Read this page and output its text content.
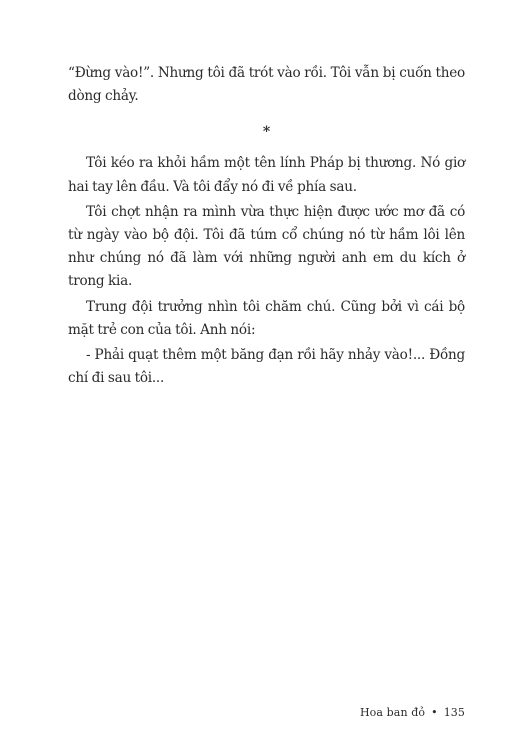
“Đừng vào!”. Nhưng tôi đã trót vào rồi. Tôi vẫn bị cuốn theo dòng chảy.

*

Tôi kéo ra khỏi hầm một tên lính Pháp bị thương. Nó giơ hai tay lên đầu. Và tôi đẩy nó đi về phía sau.

Tôi chợt nhận ra mình vừa thực hiện được ước mơ đã có từ ngày vào bộ đội. Tôi đã túm cổ chúng nó từ hầm lôi lên như chúng nó đã làm với những người anh em du kích ở trong kia.

Trung đội trưởng nhìn tôi chăm chú. Cũng bởi vì cái bộ mặt trẻ con của tôi. Anh nói:

- Phải quạt thêm một băng đạn rồi hãy nhảy vào!... Đồng chí đi sau tôi...

Hoa ban đỏ • 135
